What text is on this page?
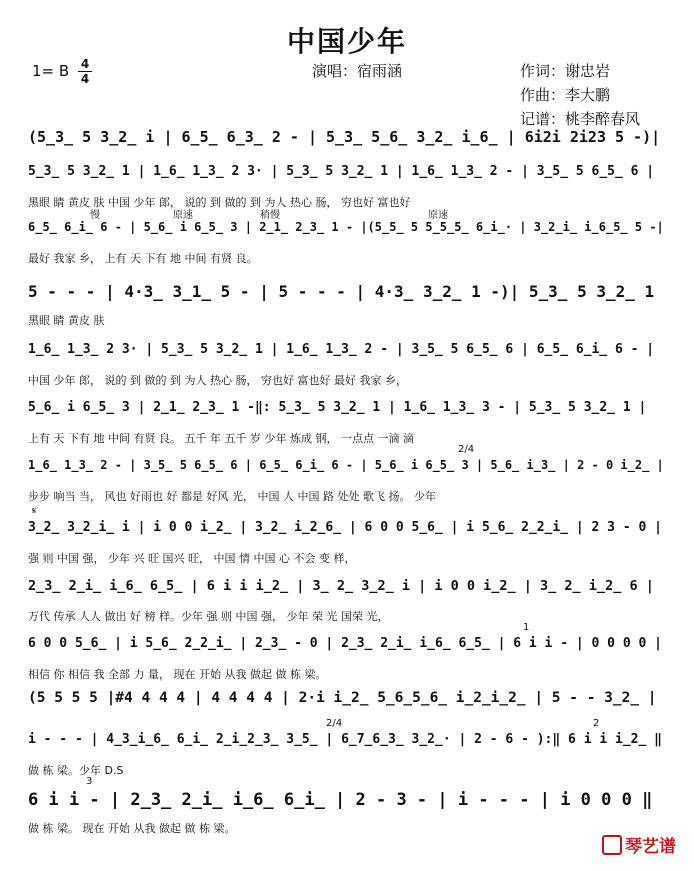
中国少年
1= B 4
4	演唱：宿雨涵	作词：谢忠岩
作曲：李大鹏
记谱：桃李醉春风
(5̲3̲ 5 3̲2̲ i | 6̲5̲ 6̲3̲ 2 - | 5̲3̲ 5̲6̲ 3̲2̲ i̲6̲ | 6i2i 2i23 5 -)|
5̲3̲ 5 3̲2̲ 1 | 1̲6̲ 1̲3̲ 2 3· | 5̲3̲ 5 3̲2̲ 1 | 1̲6̲ 1̲3̲ 2 - | 3̲5̲ 5 6̲5̲ 6 |
黑眼 睛 黄皮 肤 中国 少年 郎， 说的 到 做的 到 为人 热心 肠， 穷也好 富也好
6̲5̲ 6̲i̲ 6 - | 5̲6̲ i 6̲5̲ 3 | 2̲1̲ 2̲3̲ 1 - |(5̲5̲ 5 5̲5̲5̲ 6̲i̲· | 3̲2̲i̲ i̲6̲5̲ 5 -|
最好 我家 乡， 上有 天 下有 地 中间 有贤 良。
慢	原速	稍慢	原速
5 - - - | 4·3̲ 3̲1̲ 5 - | 5 - - - | 4·3̲ 3̲2̲ 1 -)| 5̲3̲ 5 3̲2̲ 1
黑眼 睛 黄皮 肤
1̲6̲ 1̲3̲ 2 3· | 5̲3̲ 5 3̲2̲ 1 | 1̲6̲ 1̲3̲ 2 - | 3̲5̲ 5 6̲5̲ 6 | 6̲5̲ 6̲i̲ 6 - |
中国 少年 郎， 说的 到 做的 到 为人 热心 肠， 穷也好 富也好 最好 我家 乡，
5̲6̲ i 6̲5̲ 3 | 2̲1̲ 2̲3̲ 1 -‖: 5̲3̲ 5 3̲2̲ 1 | 1̲6̲ 1̲3̲ 3 - | 5̲3̲ 5 3̲2̲ 1 |
上有 天 下有 地 中间 有贤 良。 五千 年 五千 岁 少年 炼成 钢， 一点点 一滴 滴
1̲6̲ 1̲3̲ 2 - | 3̲5̲ 5 6̲5̲ 6 | 6̲5̲ 6̲i̲ 6 - | 5̲6̲ i 6̲5̲ 3 | 5̲6̲ i̲3̲ | 2 - 0 i̲2̲ |
步步 响当 当， 风也 好雨也 好 都是 好风 光， 中国 人 中国 路 处处 歌飞 扬。 少年
2/4
3̲2̲ 3̲2̲i̲ i | i 0 0 i̲2̲ | 3̲2̲ i̲2̲6̲ | 6 0 0 5̲6̲ | i 5̲6̲ 2̲2̲i̲ | 2 3 - 0 |
强 则 中国 强， 少年 兴 旺 国兴 旺， 中国 情 中国 心 不会 变 样，
𝄋
2̲3̲ 2̲i̲ i̲6̲ 6̲5̲ | 6 i i i̲2̲ | 3̲ 2̲ 3̲2̲ i | i 0 0 i̲2̲ | 3̲ 2̲ i̲2̲ 6 |
万代 传承 人人 做出 好 榜 样。少年 强 则 中国 强， 少年 荣 光 国荣 光，
6 0 0 5̲6̲ | i 5̲6̲ 2̲2̲i̲ | 2̲3̲ - 0 | 2̲3̲ 2̲i̲ i̲6̲ 6̲5̲ | 6 i i - | 0 0 0 0 |
相信 你 相信 我 全部 力 量， 现在 开始 从我 做起 做 栋 梁。
1
(5 5 5 5 |#4 4 4 4 | 4 4 4 4 | 2·i i̲2̲ 5̲6̲5̲6̲ i̲2̲i̲2̲ | 5 - - 3̲2̲ |
i - - - | 4̲3̲i̲6̲ 6̲i̲ 2̲i̲2̲3̲ 3̲5̲ | 6̲7̲6̲3̲ 3̲2̲· | 2 - 6 - ):‖ 6 i i i̲2̲ ‖
做 栋 梁。少年 D.S
2/4	2
6 i i - | 2̲3̲ 2̲i̲ i̲6̲ 6̲i̲ | 2 - 3 - | i - - - | i 0 0 0 ‖
做 栋 梁。 现在 开始 从我 做起 做 栋 梁。
3
琴艺谱
